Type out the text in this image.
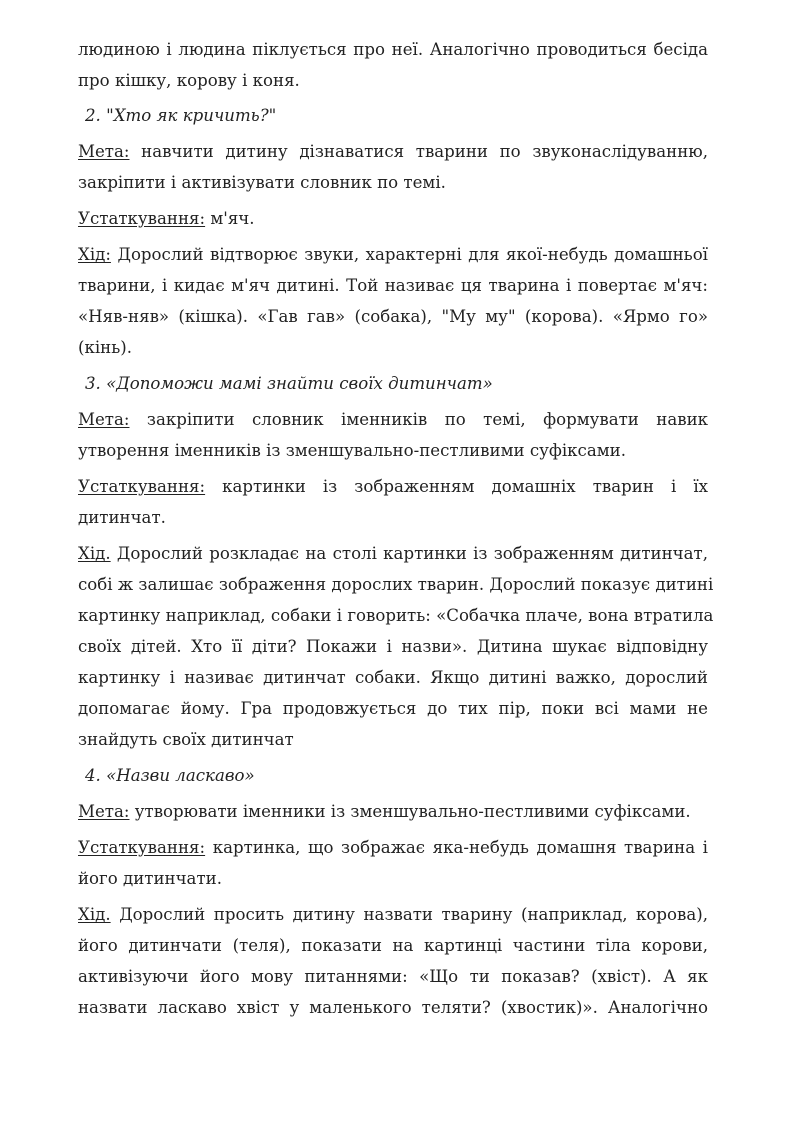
людиною і людина піклується про неї. Аналогічно проводиться бесіда
про кішку, корову і коня.

2. "Хто як кричить?"

Мета: навчити дитину дізнаватися тварини по звуконаслідуванню,
закріпити і активізувати словник по темі.

Устаткування: м'яч.

Хід: Дорослий відтворює звуки, характерні для якої-небудь домашньої
тварини, і кидає м'яч дитині. Той називає ця тварина і повертає м'яч:
«Няв-няв» (кішка). «Гав гав» (собака), "Му му" (корова). «Ярмо го»
(кінь).

3. «Допоможи мамі знайти своїх дитинчат»

Мета: закріпити словник іменників по темі, формувати навик
утворення іменників із зменшувально-пестливими суфіксами.

Устаткування: картинки із зображенням домашніх тварин і їх
дитинчат.

Хід. Дорослий розкладає на столі картинки із зображенням дитинчат,
собі ж залишає зображення дорослих тварин. Дорослий показує дитині
картинку наприклад, собаки і говорить: «Собачка плаче, вона втратила
своїх дітей. Хто її діти? Покажи і назви». Дитина шукає відповідну
картинку і називає дитинчат собаки. Якщо дитині важко, дорослий
допомагає йому. Гра продовжується до тих пір, поки всі мами не
знайдуть своїх дитинчат

4. «Назви ласкаво»

Мета: утворювати іменники із зменшувально-пестливими суфіксами.

Устаткування: картинка, що зображає яка-небудь домашня тварина і
його дитинчати.

Хід. Дорослий просить дитину назвати тварину (наприклад, корова),
його дитинчати (теля), показати на картинці частини тіла корови,
активізуючи його мову питаннями: «Що ти показав? (хвіст). А як
назвати ласкаво хвіст у маленького теляти? (хвостик)». Аналогічно
